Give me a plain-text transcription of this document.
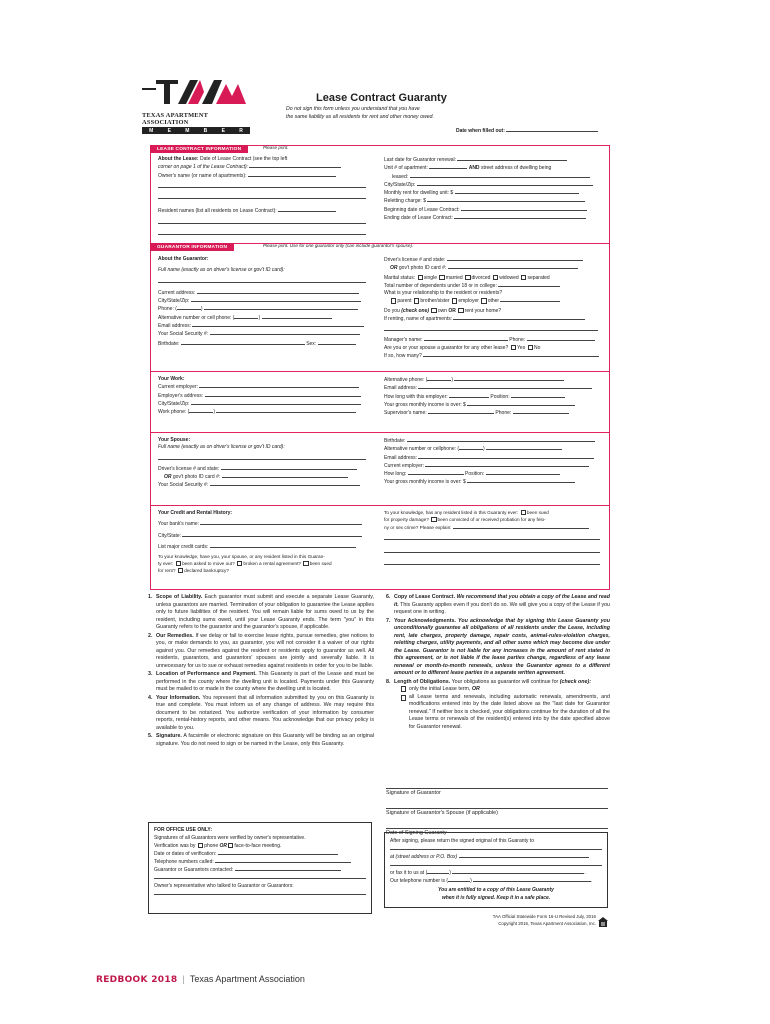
TEXAS APARTMENT ASSOCIATION
M	E	M	B	E	R
Lease Contract Guaranty
Do not sign this form unless you understand that you have
the same liability as all residents for rent and other money owed.
Date when filled out:
LEASE CONTRACT INFORMATION	Please print.
About the Lease: Date of Lease Contract (see the top left
corner on page 1 of the Lease Contract):
Owner's name (or name of apartments):
Resident names (list all residents on Lease Contract):
Last date for Guarantor renewal:
Unit # of apartment:	AND street address of dwelling being
leased:
City/State/Zip:
Monthly rent for dwelling unit: $
Reletting charge: $
Beginning date of Lease Contract:
Ending date of Lease Contract:
GUARANTOR INFORMATION	Please print. Use for one guarantor only (can include guarantor's spouse).
About the Guarantor:
Full name (exactly as on driver's license or gov't ID card):
Current address:
City/State/Zip:
Phone: (	)
Alternative number or cell phone: (	)
Email address:
Your Social Security #:
Birthdate:	Sex:
Driver's license # and state:
OR gov't photo ID card #:
Marital status: single married divorced widowed separated
Total number of dependents under 18 or in college:
What is your relationship to the resident or residents?
parent brother/sister employer other
Do you (check one) own OR rent your home?
If renting, name of apartments:
Manager's name:	Phone:
Are you or your spouse a guarantor for any other lease? Yes No
If so, how many?
Your Work:
Current employer:
Employer's address:
City/State/Zip:
Work phone: (	)
Alternative phone: (	)
Email address:
How long with this employer:	Position:
Your gross monthly income is over: $
Supervisor's name:	Phone:
Your Spouse:
Full name (exactly as on driver's license or gov't ID card):
Driver's license # and state:
OR gov't photo ID card #:
Your Social Security #:
Birthdate:
Alternative number or cellphone: (	)
Email address:
Current employer:
How long:	Position:
Your gross monthly income is over: $
Your Credit and Rental History:
Your bank's name:
City/State:
List major credit cards:
To your knowledge, have you, your spouse, or any resident listed in this Guaran-
ty ever: been asked to move out? broken a rental agreement? been sued
for rent? declared bankruptcy?
To your knowledge, has any resident listed in this Guaranty ever: been sued
for property damage? been convicted of or received probation for any felo-
ny or sex crime? Please explain:
1. Scope of Liability. Each guarantor must submit and execute a separate Lease Guaranty, unless guarantors are married. Termination of your obligation to guarantee the Lease applies only to future liabilities of the resident. You will remain liable for sums owed to us by the resident, including sums owed, until your Lease Guaranty ends. The term "you" in this Guaranty refers to the guarantor and the guarantor's spouse, if applicable.
2. Our Remedies. If we delay or fail to exercise lease rights, pursue remedies, give notices to you, or make demands to you, as guarantor, you will not consider it a waiver of our rights against you. Our remedies against the resident or residents apply to guarantor as well. All residents, guarantors, and guarantors' spouses are jointly and severally liable. It is unnecessary for us to sue or exhaust remedies against residents in order for you to be liable.
3. Location of Performance and Payment. This Guaranty is part of the Lease and must be performed in the county where the dwelling unit is located. Payments under this Guaranty must be mailed to or made in the county where the dwelling unit is located.
4. Your Information. You represent that all information submitted by you on this Guaranty is true and complete. You must inform us of any change of address. We may require this document to be notarized. You authorize verification of your information by consumer reports, rental-history reports, and other means. You acknowledge that our privacy policy is available to you.
5. Signature. A facsimile or electronic signature on this Guaranty will be binding as an original signature. You do not need to sign or be named in the Lease, only this Guaranty.
6. Copy of Lease Contract. We recommend that you obtain a copy of the Lease and read it. This Guaranty applies even if you don't do so. We will give you a copy of the Lease if you request one in writing.
7. Your Acknowledgments. You acknowledge that by signing this Lease Guaranty you unconditionally guarantee all obligations of all residents under the Lease, including rent, late charges, property damage, repair costs, animal-rules-violation charges, reletting charges, utility payments, and all other sums which may become due under the Lease. Guarantor is not liable for any increases in the amount of rent stated in this agreement, or is not liable if the lease parties change, regardless of any lease renewal or month-to-month renewals, unless the Guarantor agrees to a different amount or to different lease parties in a separate written agreement.
8. Length of Obligations. Your obligations as guarantor will continue for (check one):
only the initial Lease term, OR

all Lease terms and renewals, including automatic renewals, amendments, and modifications entered into by the date listed above as the "last date for Guarantor renewal." If neither box is checked, your obligations continue for the duration of all the Lease terms or renewals of the resident(s) entered into by the date specified above for Guarantor renewal.
Signature of Guarantor
Signature of Guarantor's Spouse (if applicable)
Date of Signing Guaranty
FOR OFFICE USE ONLY:
Signatures of all Guarantors were verified by owner's representative.
Verification was by phone OR face-to-face meeting.
Date or dates of verification:
Telephone numbers called:
Guarantor or Guarantors contacted:
Owner's representative who talked to Guarantor or Guarantors:
After signing, please return the signed original of this Guaranty to
at (street address or P.O. Box)
or fax it to us at (	)	.
Our telephone number is (	)	.
You are entitled to a copy of this Lease Guaranty
when it is fully signed. Keep it in a safe place.
TAA Official Statewide Form 16-U Revised July, 2016
Copyright 2016, Texas Apartment Association, Inc.
REDBOOK 2018 | Texas Apartment Association
